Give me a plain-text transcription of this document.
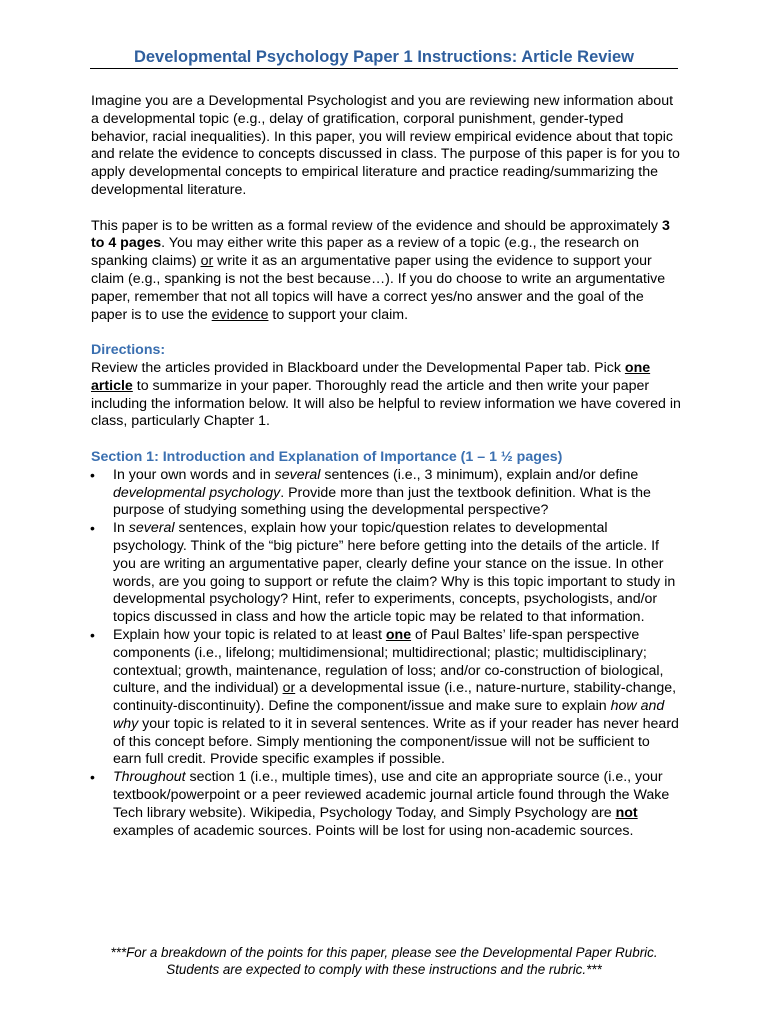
Developmental Psychology Paper 1 Instructions: Article Review

Imagine you are a Developmental Psychologist and you are reviewing new information about a developmental topic (e.g., delay of gratification, corporal punishment, gender-typed behavior, racial inequalities). In this paper, you will review empirical evidence about that topic and relate the evidence to concepts discussed in class. The purpose of this paper is for you to apply developmental concepts to empirical literature and practice reading/summarizing the developmental literature.

This paper is to be written as a formal review of the evidence and should be approximately 3 to 4 pages. You may either write this paper as a review of a topic (e.g., the research on spanking claims) or write it as an argumentative paper using the evidence to support your claim (e.g., spanking is not the best because…). If you do choose to write an argumentative paper, remember that not all topics will have a correct yes/no answer and the goal of the paper is to use the evidence to support your claim.

Directions:

Review the articles provided in Blackboard under the Developmental Paper tab. Pick one article to summarize in your paper. Thoroughly read the article and then write your paper including the information below. It will also be helpful to review information we have covered in class, particularly Chapter 1.

Section 1: Introduction and Explanation of Importance (1 – 1 ½ pages)

• In your own words and in several sentences (i.e., 3 minimum), explain and/or define developmental psychology. Provide more than just the textbook definition. What is the purpose of studying something using the developmental perspective?
• In several sentences, explain how your topic/question relates to developmental psychology. Think of the “big picture” here before getting into the details of the article. If you are writing an argumentative paper, clearly define your stance on the issue. In other words, are you going to support or refute the claim? Why is this topic important to study in developmental psychology? Hint, refer to experiments, concepts, psychologists, and/or topics discussed in class and how the article topic may be related to that information.
• Explain how your topic is related to at least one of Paul Baltes’ life-span perspective components (i.e., lifelong; multidimensional; multidirectional; plastic; multidisciplinary; contextual; growth, maintenance, regulation of loss; and/or co-construction of biological, culture, and the individual) or a developmental issue (i.e., nature-nurture, stability-change, continuity-discontinuity). Define the component/issue and make sure to explain how and why your topic is related to it in several sentences. Write as if your reader has never heard of this concept before. Simply mentioning the component/issue will not be sufficient to earn full credit. Provide specific examples if possible.
• Throughout section 1 (i.e., multiple times), use and cite an appropriate source (i.e., your textbook/powerpoint or a peer reviewed academic journal article found through the Wake Tech library website). Wikipedia, Psychology Today, and Simply Psychology are not examples of academic sources. Points will be lost for using non-academic sources.
***For a breakdown of the points for this paper, please see the Developmental Paper Rubric.
Students are expected to comply with these instructions and the rubric.***
